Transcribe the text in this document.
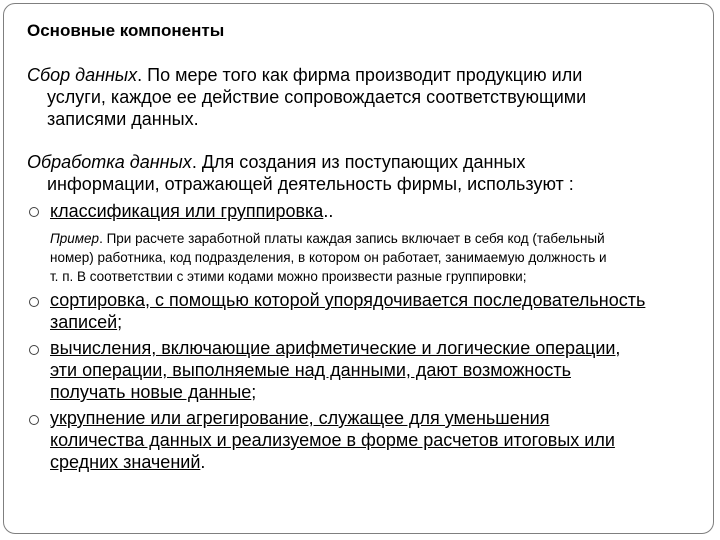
Основные компоненты
Сбор данных. По мере того как фирма производит продукцию или
услуги, каждое ее действие сопровождается соответствующими
записями данных.
Обработка данных. Для создания из поступающих данных
информации, отражающей деятельность фирмы, используют :
классификация или группировка..
Пример. При расчете заработной платы каждая запись включает в себя код (табельный
номер) работника, код подразделения, в котором он работает, занимаемую должность и
т. п. В соответствии с этими кодами можно произвести разные группировки;
сортировка, с помощью которой упорядочивается последовательность
записей;
вычисления, включающие арифметические и логические операции,
эти операции, выполняемые над данными, дают возможность
получать новые данные;
укрупнение или агрегирование, служащее для уменьшения
количества данных и реализуемое в форме расчетов итоговых или
средних значений.
